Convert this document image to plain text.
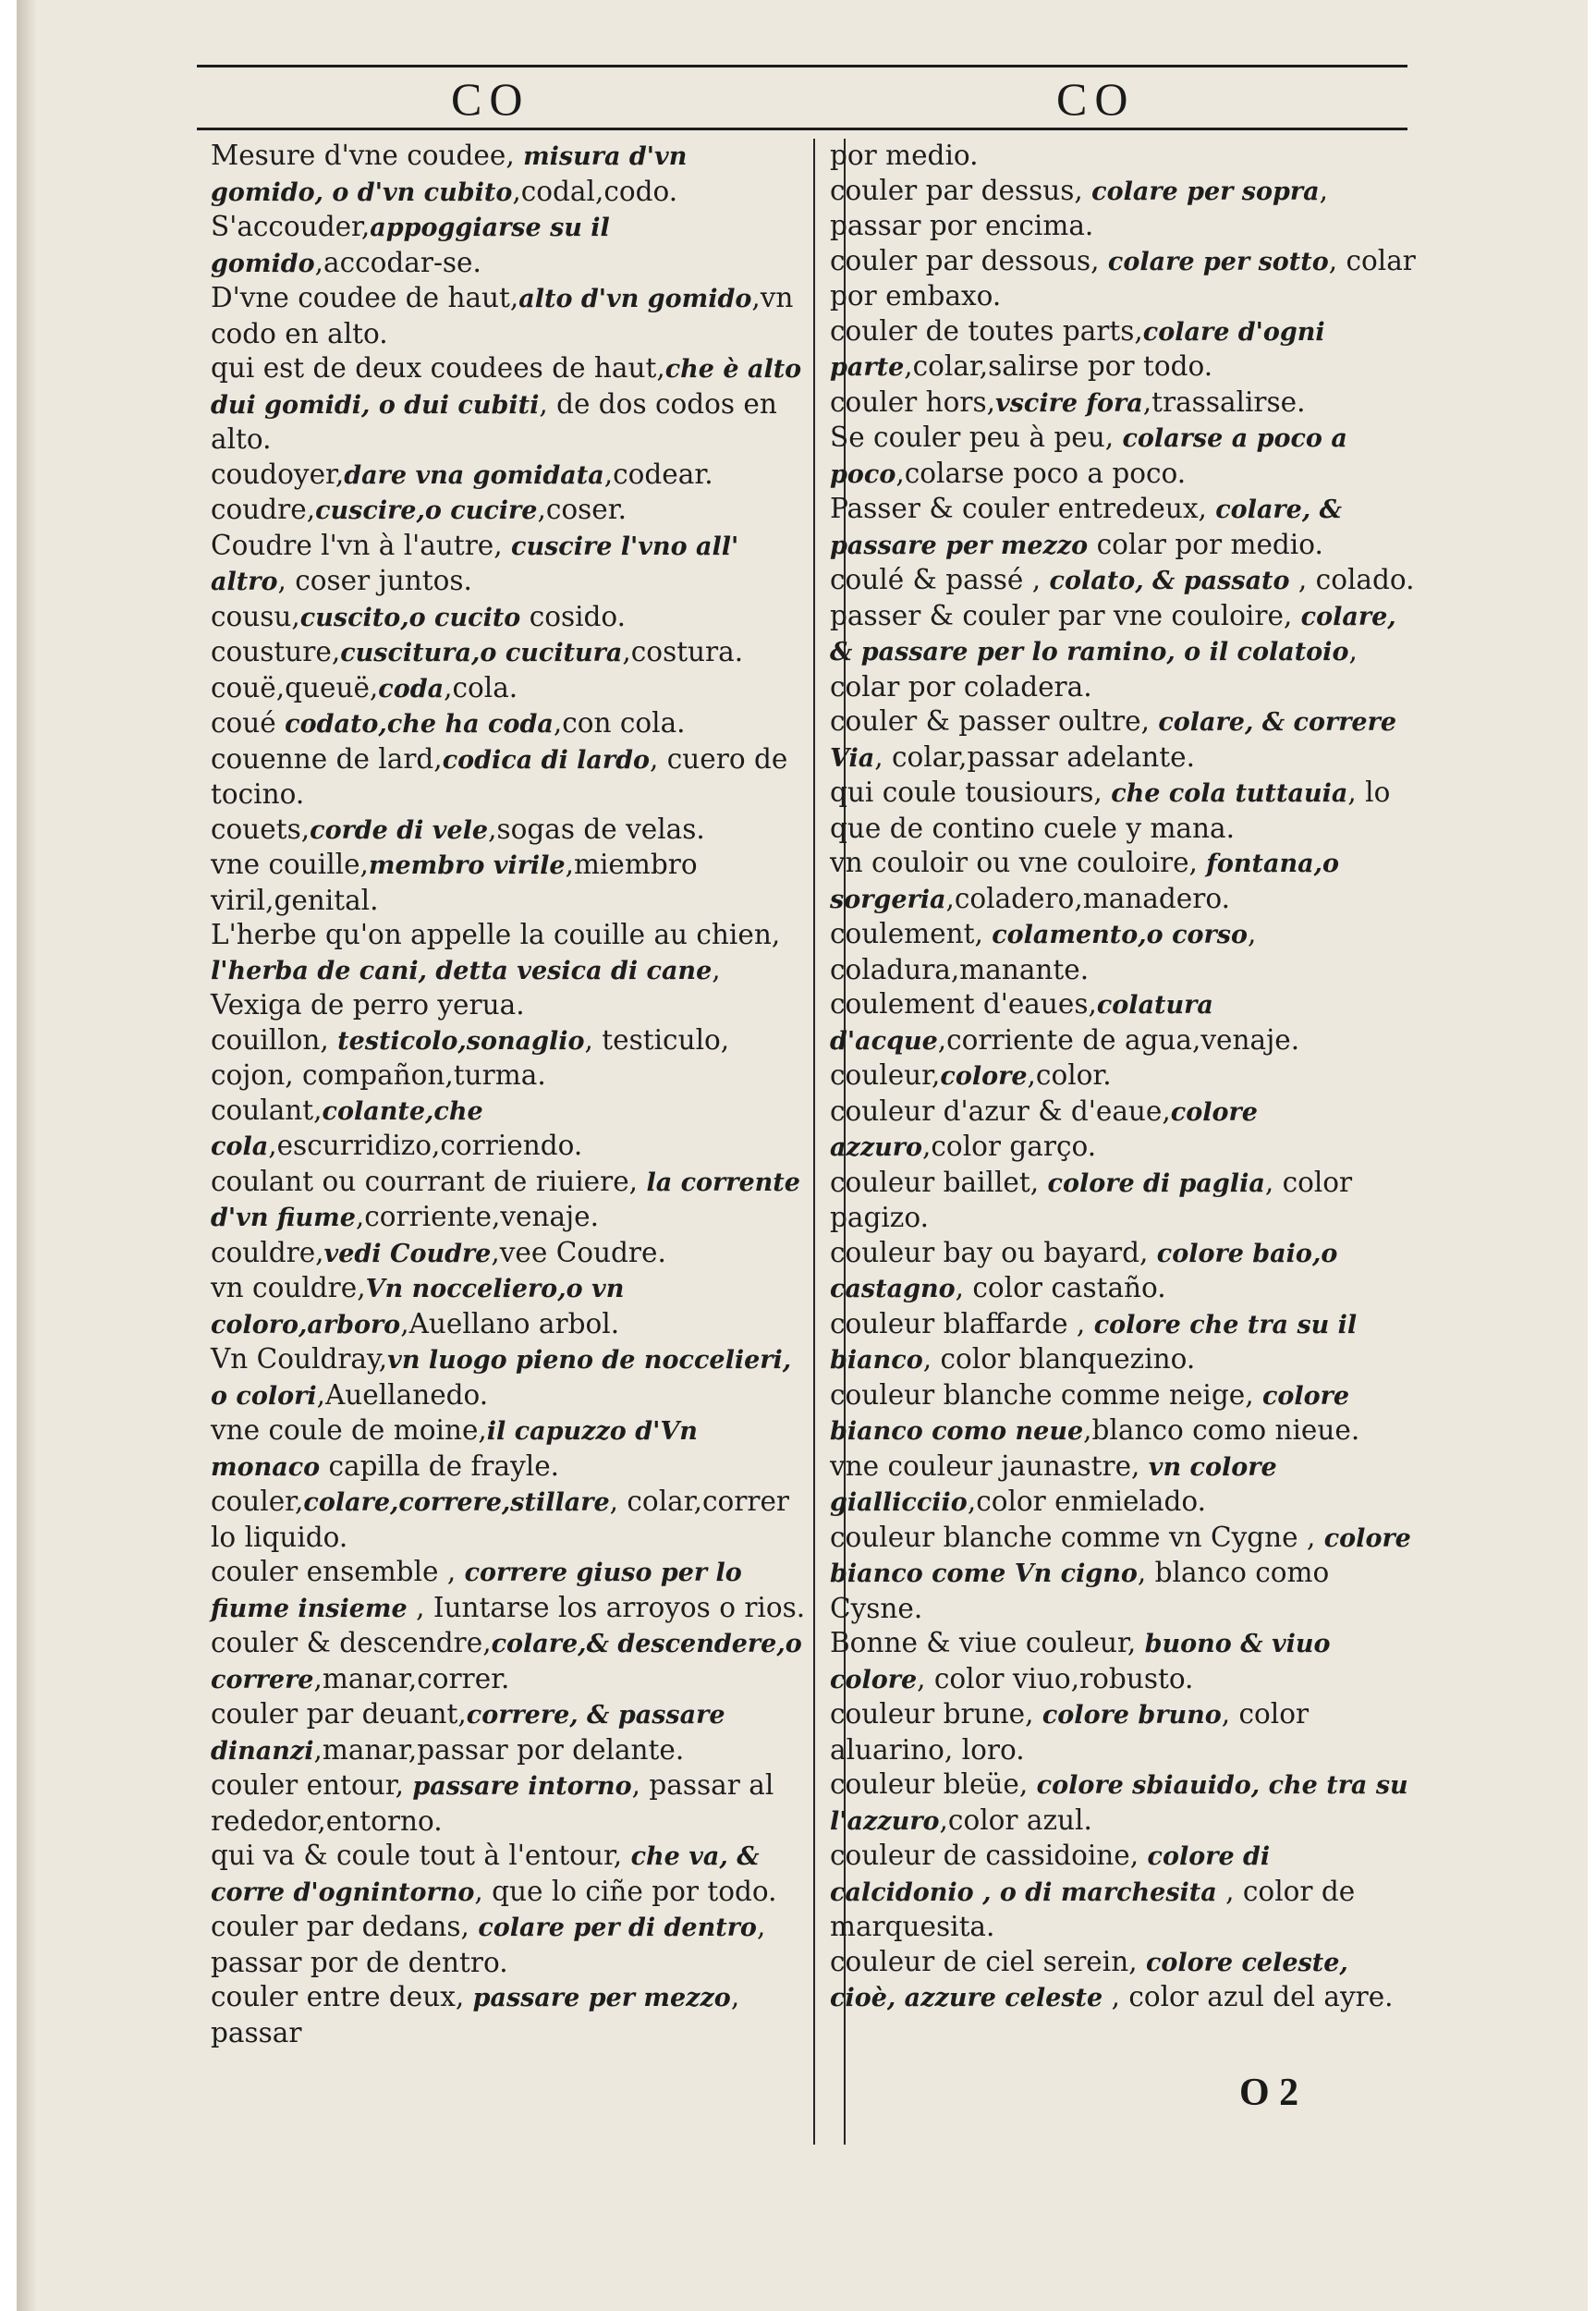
CO	CO

Mesure d'vne coudee, misura d'vn gomido, o d'vn cubito,codal,codo.

S'accouder,appoggiarse su il gomido,accodar-se.

D'vne coudee de haut,alto d'vn gomido,vn codo en alto.

qui est de deux coudees de haut,che è alto dui gomidi, o dui cubiti, de dos codos en alto.

coudoyer,dare vna gomidata,codear.

coudre,cuscire,o cucire,coser.

Coudre l'vn à l'autre, cuscire l'vno all' altro, coser juntos.

cousu,cuscito,o cucito cosido.

cousture,cuscitura,o cucitura,costura.

couë,queuë,coda,cola.

coué codato,che ha coda,con cola.

couenne de lard,codica di lardo, cuero de tocino.

couets,corde di vele,sogas de velas.

vne couille,membro virile,miembro viril,genital.

L'herbe qu'on appelle la couille au chien, l'herba de cani, detta vesica di cane, Vexiga de perro yerua.

couillon, testicolo,sonaglio, testiculo, cojon, compañon,turma.

coulant,colante,che cola,escurridizo,corriendo.

coulant ou courrant de riuiere, la corrente d'vn fiume,corriente,venaje.

couldre,vedi Coudre,vee Coudre.

vn couldre,Vn nocceliero,o vn coloro,arboro,Auellano arbol.

Vn Couldray,vn luogo pieno de noccelieri, o colori,Auellanedo.

vne coule de moine,il capuzzo d'Vn monaco capilla de frayle.

couler,colare,correre,stillare, colar,correr lo liquido.

couler ensemble , correre giuso per lo fiume insieme , Iuntarse los arroyos o rios.

couler & descendre,colare,& descendere,o correre,manar,correr.

couler par deuant,correre, & passare dinanzi,manar,passar por delante.

couler entour, passare intorno, passar al rededor,entorno.

qui va & coule tout à l'entour, che va, & corre d'ognintorno, que lo ciñe por todo.

couler par dedans, colare per di dentro, passar por de dentro.

couler entre deux, passare per mezzo, passar

por medio.

couler par dessus, colare per sopra, passar por encima.

couler par dessous, colare per sotto, colar por embaxo.

couler de toutes parts,colare d'ogni parte,colar,salirse por todo.

couler hors,vscire fora,trassalirse.

Se couler peu à peu, colarse a poco a poco,colarse poco a poco.

Passer & couler entredeux, colare, & passare per mezzo colar por medio.

coulé & passé , colato, & passato , colado.

passer & couler par vne couloire, colare, & passare per lo ramino, o il colatoio, colar por coladera.

couler & passer oultre, colare, & correre Via, colar,passar adelante.

qui coule tousiours, che cola tuttauia, lo que de contino cuele y mana.

vn couloir ou vne couloire, fontana,o sorgeria,coladero,manadero.

coulement, colamento,o corso, coladura,manante.

coulement d'eaues,colatura d'acque,corriente de agua,venaje.

couleur,colore,color.

couleur d'azur & d'eaue,colore azzuro,color garço.

couleur baillet, colore di paglia, color pagizo.

couleur bay ou bayard, colore baio,o castagno, color castaño.

couleur blaffarde , colore che tra su il bianco, color blanquezino.

couleur blanche comme neige, colore bianco como neue,blanco como nieue.

vne couleur jaunastre, vn colore giallicciio,color enmielado.

couleur blanche comme vn Cygne , colore bianco come Vn cigno, blanco como Cysne.

Bonne & viue couleur, buono & viuo colore, color viuo,robusto.

couleur brune, colore bruno, color aluarino, loro.

couleur bleüe, colore sbiauido, che tra su l'azzuro,color azul.

couleur de cassidoine, colore di calcidonio , o di marchesita , color de marquesita.

couleur de ciel serein, colore celeste, cioè, azzure celeste , color azul del ayre.

O 2
